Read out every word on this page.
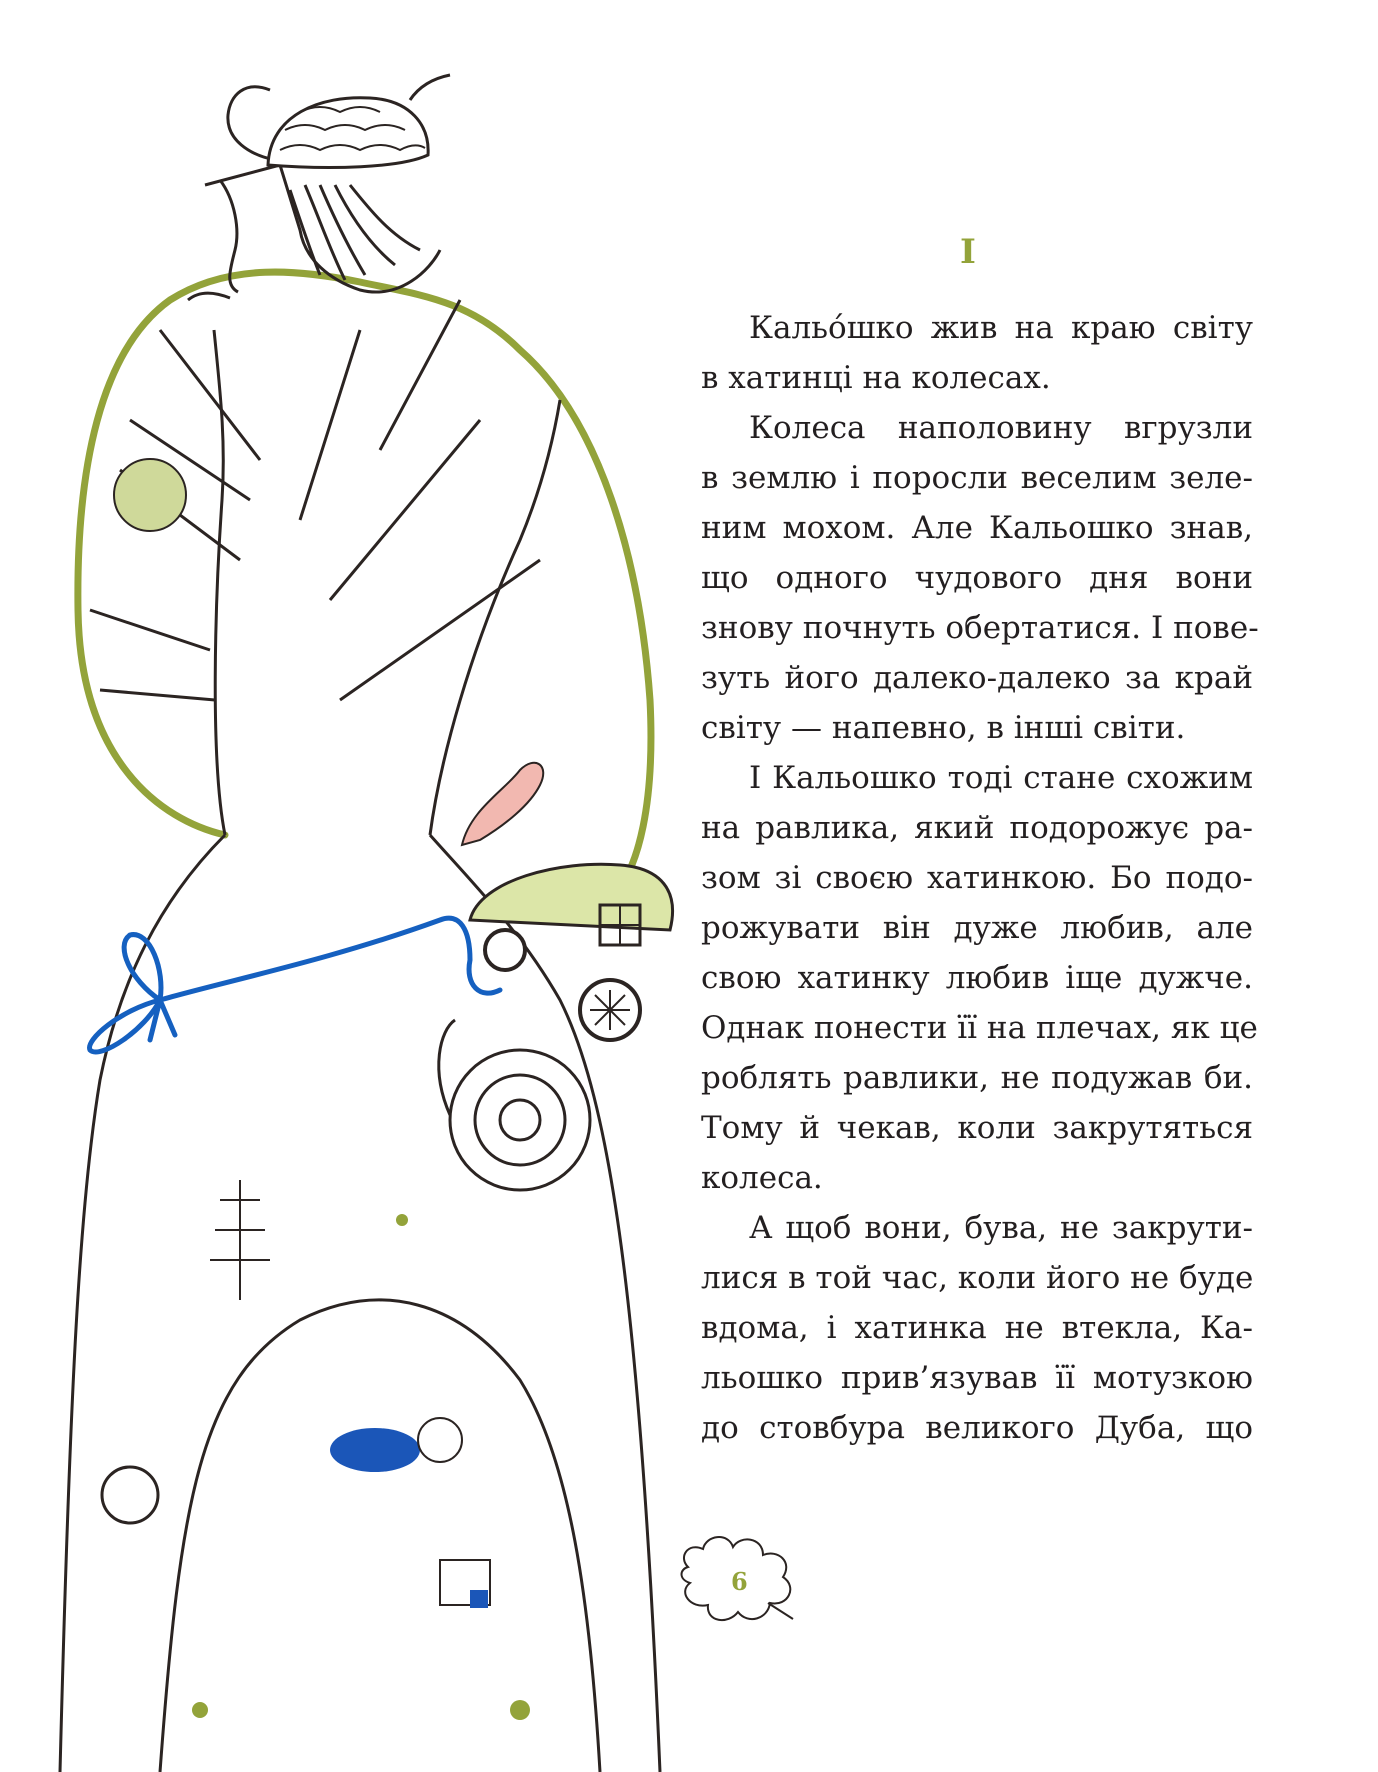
I
Кальóшко жив на краю світу
в хатинці на колесах.
Колеса наполовину вгрузли
в землю і поросли веселим зеле-
ним мохом. Але Кальошко знав,
що одного чудового дня вони
знову почнуть обертатися. І пове-
зуть його далеко-далеко за край
світу — напевно, в інші світи.
І Кальошко тоді стане схожим
на равлика, який подорожує ра-
зом зі своєю хатинкою. Бо подо-
рожувати він дуже любив, але
свою хатинку любив іще дужче.
Однак понести її на плечах, як це
роблять равлики, не подужав би.
Тому й чекав, коли закрутяться
колеса.
А щоб вони, бува, не закрути-
лися в той час, коли його не буде
вдома, і хатинка не втекла, Ка-
льошко прив’язував її мотузкою
до стовбура великого Дуба, що
6
